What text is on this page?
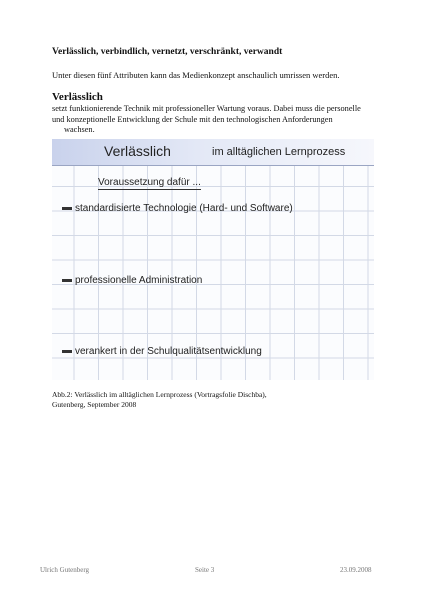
Verlässlich, verbindlich, vernetzt, verschränkt, verwandt
Unter diesen fünf Attributen kann das Medienkonzept anschaulich umrissen werden.
Verlässlich
setzt funktionierende Technik mit professioneller Wartung voraus. Dabei muss die personelle
und konzeptionelle Entwicklung der Schule mit den technologischen Anforderungen
wachsen.
Verlässlich	im alltäglichen Lernprozess
Voraussetzung dafür ...
standardisierte Technologie (Hard- und Software)
professionelle Administration
verankert in der Schulqualitätsentwicklung
Abb.2: Verlässlich im alltäglichen Lernprozess (Vortragsfolie Dischba),
Gutenberg, September 2008
Ulrich Gutenberg	Seite 3	23.09.2008
